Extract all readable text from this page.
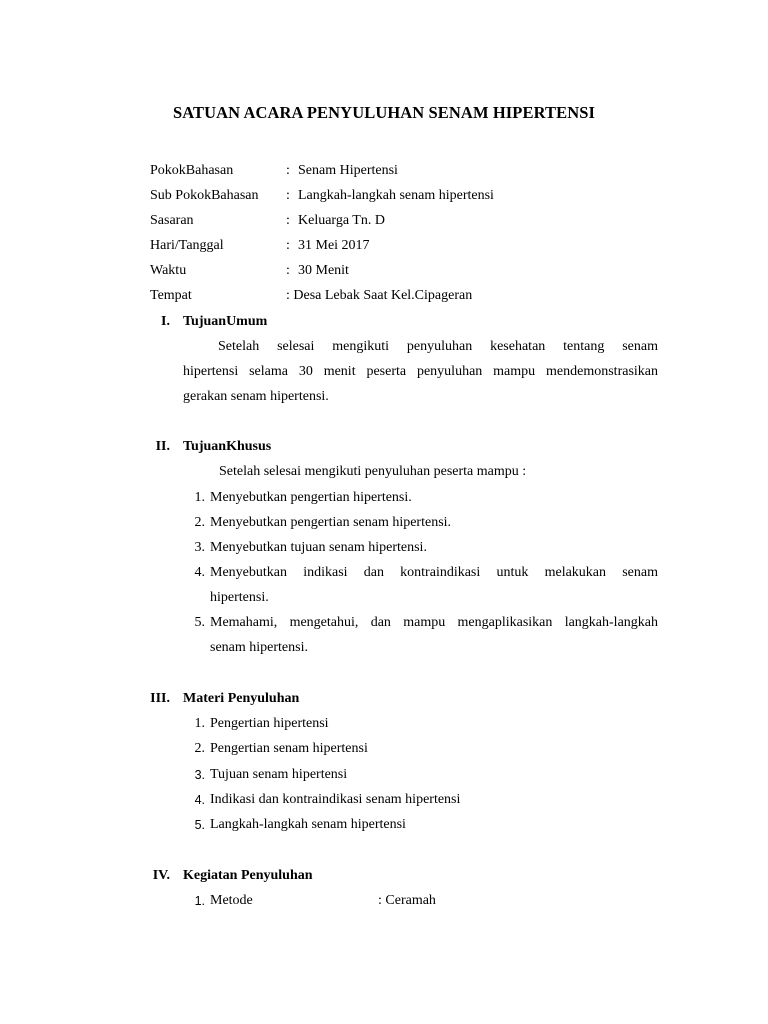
SATUAN ACARA PENYULUHAN SENAM HIPERTENSI
PokokBahasan	: Senam Hipertensi
Sub PokokBahasan : Langkah-langkah senam hipertensi
Sasaran	: Keluarga Tn. D
Hari/Tanggal	: 31 Mei 2017
Waktu	: 30 Menit
Tempat	: Desa Lebak Saat Kel.Cipageran
I. TujuanUmum
Setelah selesai mengikuti penyuluhan kesehatan tentang senam
hipertensi selama 30 menit peserta penyuluhan mampu mendemonstrasikan
gerakan senam hipertensi.
II. TujuanKhusus
Setelah selesai mengikuti penyuluhan peserta mampu :
1. Menyebutkan pengertian hipertensi.
2. Menyebutkan pengertian senam hipertensi.
3. Menyebutkan tujuan senam hipertensi.
4. Menyebutkan indikasi dan kontraindikasi untuk melakukan senam
hipertensi.
5. Memahami, mengetahui, dan mampu mengaplikasikan langkah-langkah
senam hipertensi.
III. Materi Penyuluhan
1. Pengertian hipertensi
2. Pengertian senam hipertensi
3. Tujuan senam hipertensi
4. Indikasi dan kontraindikasi senam hipertensi
5. Langkah-langkah senam hipertensi
IV. Kegiatan Penyuluhan
1. Metode	: Ceramah
